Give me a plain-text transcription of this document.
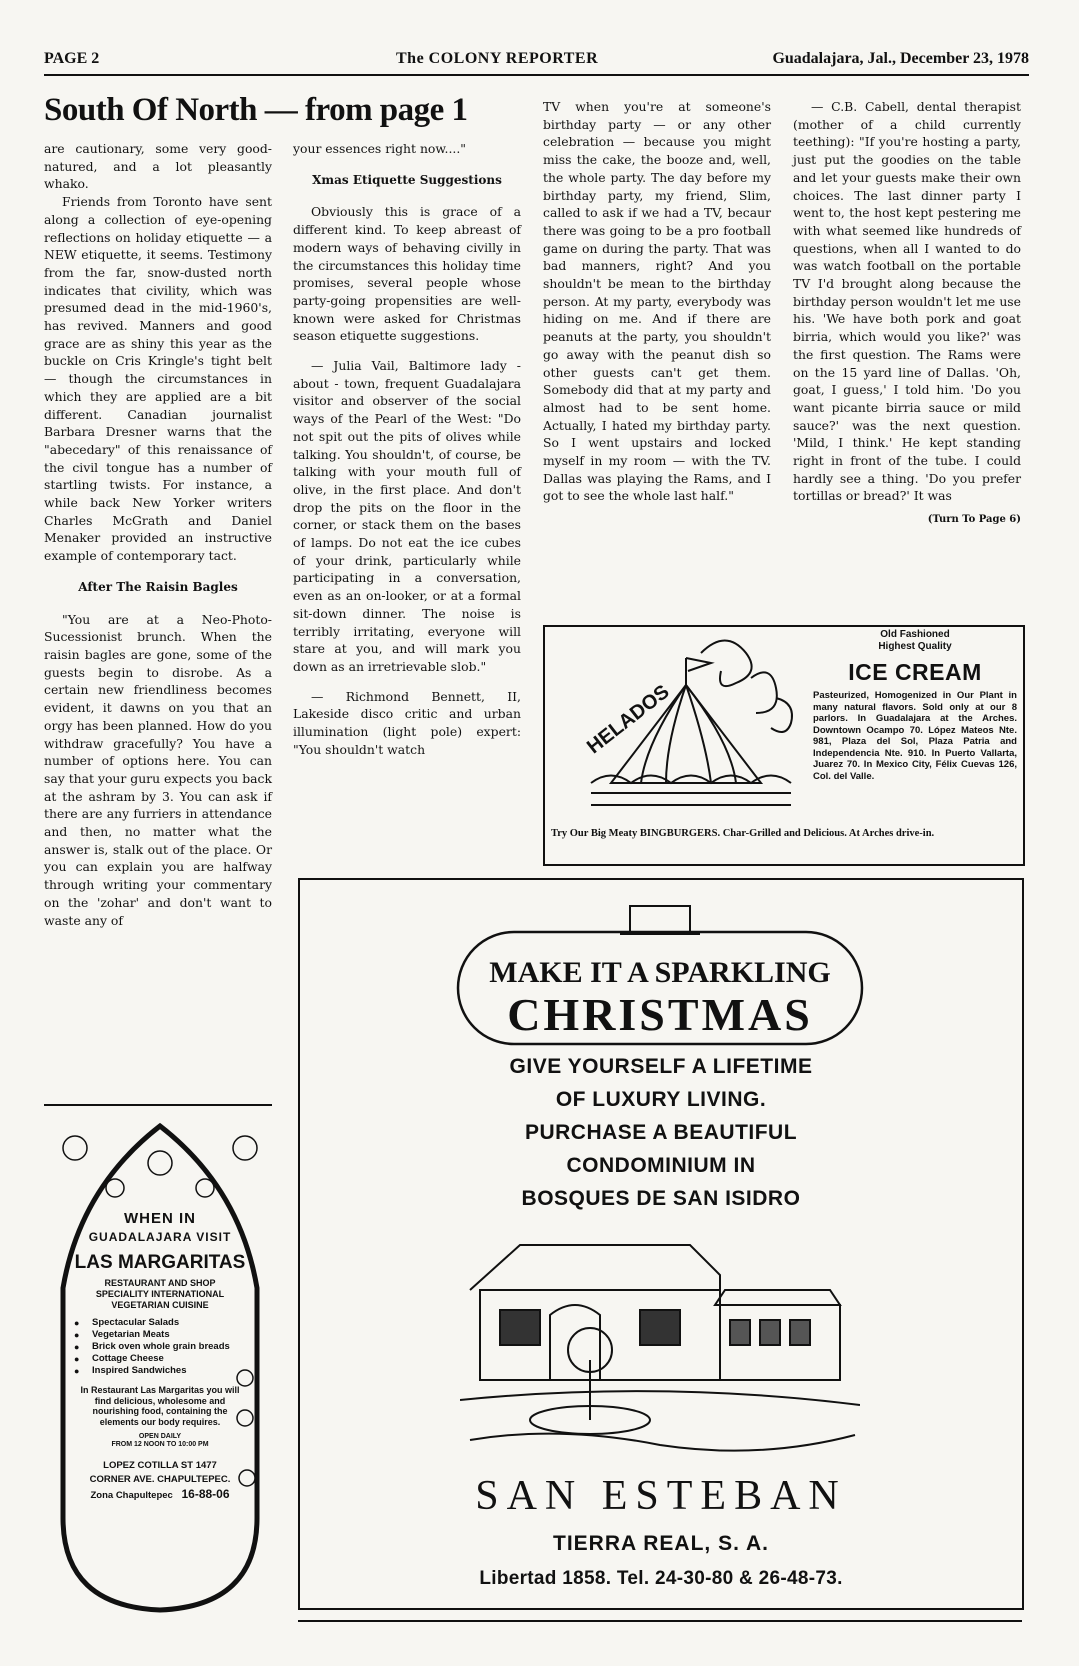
PAGE 2	The COLONY REPORTER	Guadalajara, Jal., December 23, 1978
South Of North — from page 1

are cautionary, some very good-natured, and a lot pleasantly whako.

Friends from Toronto have sent along a collection of eye-opening reflections on holiday etiquette — a NEW etiquette, it seems. Testimony from the far, snow-dusted north indicates that civility, which was presumed dead in the mid-1960's, has revived. Manners and good grace are as shiny this year as the buckle on Cris Kringle's tight belt — though the circumstances in which they are applied are a bit different. Canadian journalist Barbara Dresner warns that the "abecedary" of this renaissance of the civil tongue has a number of startling twists. For instance, a while back New Yorker writers Charles McGrath and Daniel Menaker provided an instructive example of contemporary tact.

After The Raisin Bagles

"You are at a Neo-Photo-Sucessionist brunch. When the raisin bagles are gone, some of the guests begin to disrobe. As a certain new friendliness becomes evident, it dawns on you that an orgy has been planned. How do you withdraw gracefully? You have a number of options here. You can say that your guru expects you back at the ashram by 3. You can ask if there are any furriers in attendance and then, no matter what the answer is, stalk out of the place. Or you can explain you are halfway through writing your commentary on the 'zohar' and don't want to waste any of

your essences right now...."

Xmas Etiquette Suggestions

Obviously this is grace of a different kind. To keep abreast of modern ways of behaving civilly in the circumstances this holiday time promises, several people whose party-going propensities are well-known were asked for Christmas season etiquette suggestions.

— Julia Vail, Baltimore lady - about - town, frequent Guadalajara visitor and observer of the social ways of the Pearl of the West: "Do not spit out the pits of olives while talking. You shouldn't, of course, be talking with your mouth full of olive, in the first place. And don't drop the pits on the floor in the corner, or stack them on the bases of lamps. Do not eat the ice cubes of your drink, particularly while participating in a conversation, even as an on-looker, or at a formal sit-down dinner. The noise is terribly irritating, everyone will stare at you, and will mark you down as an irretrievable slob."

— Richmond Bennett, II, Lakeside disco critic and urban illumination (light pole) expert: "You shouldn't watch

TV when you're at someone's birthday party — or any other celebration — because you might miss the cake, the booze and, well, the whole party. The day before my birthday party, my friend, Slim, called to ask if we had a TV, becaur there was going to be a pro football game on during the party. That was bad manners, right? And you shouldn't be mean to the birthday person. At my party, everybody was hiding on me. And if there are peanuts at the party, you shouldn't go away with the peanut dish so other guests can't get them. Somebody did that at my party and almost had to be sent home. Actually, I hated my birthday party. So I went upstairs and locked myself in my room — with the TV. Dallas was playing the Rams, and I got to see the whole last half."

— C.B. Cabell, dental therapist (mother of a child currently teething): "If you're hosting a party, just put the goodies on the table and let your guests make their own choices. The last dinner party I went to, the host kept pestering me with what seemed like hundreds of questions, when all I wanted to do was watch football on the portable TV I'd brought along because the birthday person wouldn't let me use his. 'We have both pork and goat birria, which would you like?' was the first question. The Rams were on the 15 yard line of Dallas. 'Oh, goat, I guess,' I told him. 'Do you want picante birria sauce or mild sauce?' was the next question. 'Mild, I think.' He kept standing right in front of the tube. I could hardly see a thing. 'Do you prefer tortillas or bread?' It was

(Turn To Page 6)
HELADOS
Old Fashioned
Highest Quality
ICE CREAM
Pasteurized, Homogenized in Our Plant in many natural flavors. Sold only at our 8 parlors. In Guadalajara at the Arches. Downtown Ocampo 70. López Mateos Nte. 981, Plaza del Sol, Plaza Patria and Independencia Nte. 910. In Puerto Vallarta, Juarez 70. In Mexico City, Félix Cuevas 126, Col. del Valle.
Try Our Big Meaty BINGBURGERS. Char-Grilled and Delicious. At Arches drive-in.
MAKE IT A SPARKLING
CHRISTMAS
GIVE YOURSELF A LIFETIME
OF LUXURY LIVING.
PURCHASE A BEAUTIFUL
CONDOMINIUM IN
BOSQUES DE SAN ISIDRO
SAN ESTEBAN
TIERRA REAL, S. A.
Libertad 1858. Tel. 24-30-80 & 26-48-73.
WHEN IN
GUADALAJARA VISIT
LAS MARGARITAS
RESTAURANT AND SHOP
SPECIALITY INTERNATIONAL
VEGETARIAN CUISINE
● Spectacular Salads
● Vegetarian Meats
● Brick oven whole grain breads
● Cottage Cheese
● Inspired Sandwiches
In Restaurant Las Margaritas you will find delicious, wholesome and nourishing food, containing the elements our body requires.
OPEN DAILY
FROM 12 NOON TO 10:00 PM
LOPEZ COTILLA ST 1477
CORNER AVE. CHAPULTEPEC.
Zona Chapultepec 16-88-06
